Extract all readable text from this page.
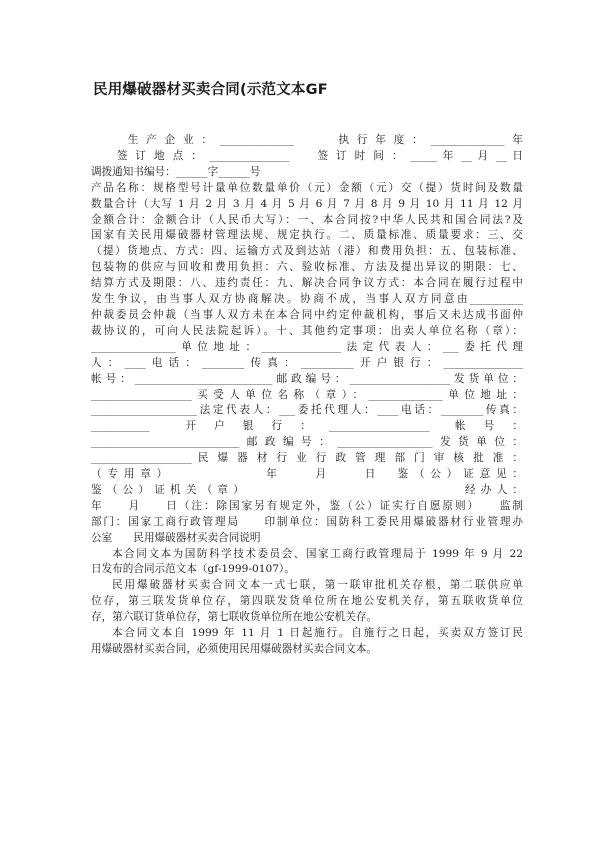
民用爆破器材买卖合同(示范文本GF

　　生产企业：______________　　执行年度：______________年

　　签 订 地 点 ： _______________　　签 订 时 间 ： _____ 年 __ 月 __ 日

调拨通知书编号：______字______号

产品名称：规格型号计量单位数量单价（元）金额（元）交（提）货时间及数量

数量合计（大写 1 月 2 月 3 月 4 月 5 月 6 月 7 月 8 月 9 月 10 月 11 月 12 月

金额合计：金额合计（人民币大写）：一、本合同按?中华人民共和国合同法?及

国家有关民用爆破器材管理法规、规定执行。二、质量标准、质量要求：三、交

（提）货地点、方式：四、运输方式及到达站（港）和费用负担：五、包装标准、

包装物的供应与回收和费用负担：六、验收标准、方法及提出异议的期限：七、

结算方式及期限：八、违约责任：九、解决合同争议方式：本合同在履行过程中

发生争议，由当事人双方协商解决。协商不成，当事人双方同意由__________

仲裁委员会仲裁（当事人双方未在本合同中约定仲裁机构，事后又未达成书面仲

裁协议的，可向人民法院起诉）。十、其他约定事项：出卖人单位名称（章）：

________________单位地址：_______________法定代表人：___委托代理

人：____电话：________传真：__________开户银行：_______________

帐号：__________________________邮政编号：___________________发货单位：

___________________买受人单位名称（章）：______________单位地址：

____________________法定代表人：___委托代理人：____电话：________传真：

___________　 开 户 银 行 ： ___________________　帐 号 ：

____________________________邮政编号：__________________发货单位：

___________________ 民 爆 器 材 行 业 行 政 管 理 部 门 审 核 批 准 ：

（专用章）　　　　　　年　　月　　日　鉴（公）证意见：

鉴（公）证机关（章）　　　　　　　　　　　　　　经办人：

年　　月　　日（注：除国家另有规定外，鉴（公）证实行自愿原则）　　监制

部门：国家工商行政管理局　　印制单位：国防科工委民用爆破器材行业管理办

公室　　民用爆破器材买卖合同说明

本合同文本为国防科学技术委员会、国家工商行政管理局于 1999 年 9 月 22

日发布的合同示范文本（gf-1999-0107）。

民用爆破器材买卖合同文本一式七联，第一联审批机关存根，第二联供应单

位存，第三联发货单位存，第四联发货单位所在地公安机关存，第五联收货单位

存，第六联订货单位存，第七联收货单位所在地公安机关存。

本合同文本自 1999 年 11 月 1 日起施行。自施行之日起，买卖双方签订民

用爆破器材买卖合同，必须使用民用爆破器材买卖合同文本。
